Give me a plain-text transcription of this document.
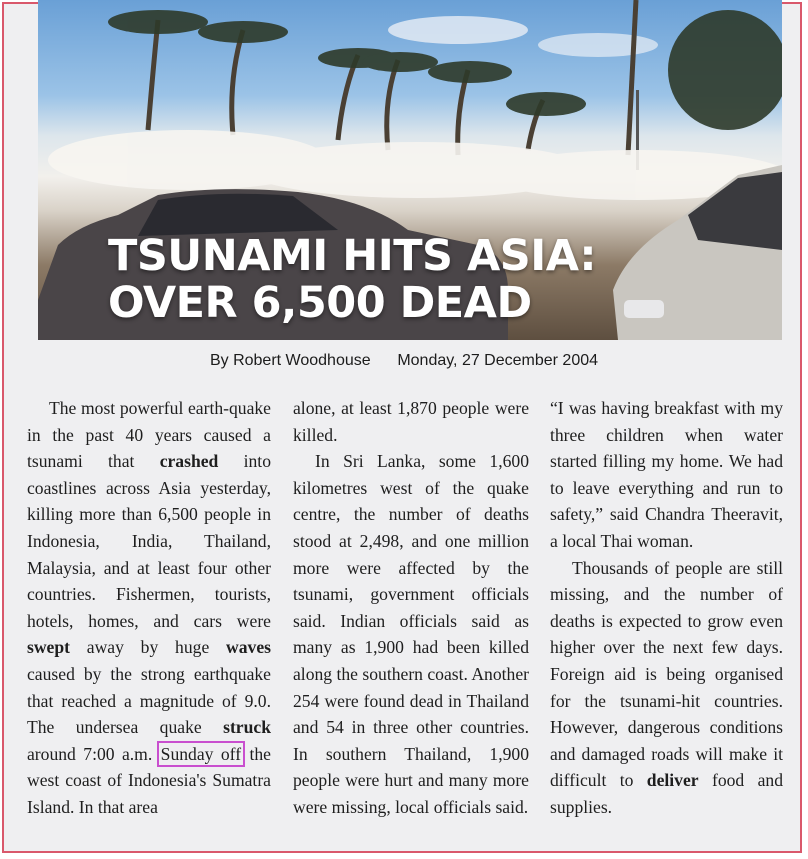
TSUNAMI HITS ASIA:
OVER 6,500 DEAD
By Robert Woodhouse Monday, 27 December 2004

The most powerful earth-quake in the past 40 years caused a tsunami that crashed into coastlines across Asia yesterday, killing more than 6,500 people in Indonesia, India, Thailand, Malaysia, and at least four other countries. Fishermen, tourists, hotels, homes, and cars were swept away by huge waves caused by the strong earthquake that reached a magnitude of 9.0. The undersea quake struck around 7:00 a.m. Sunday off the west coast of Indonesia's Sumatra Island. In that area

alone, at least 1,870 people were killed.

In Sri Lanka, some 1,600 kilometres west of the quake centre, the number of deaths stood at 2,498, and one million more were affected by the tsunami, government officials said. Indian officials said as many as 1,900 had been killed along the southern coast. Another 254 were found dead in Thailand and 54 in three other countries. In southern Thailand, 1,900 people were hurt and many more were missing, local officials said.

“I was having breakfast with my three children when water started filling my home. We had to leave everything and run to safety,” said Chandra Theeravit, a local Thai woman.

Thousands of people are still missing, and the number of deaths is expected to grow even higher over the next few days. Foreign aid is being organised for the tsunami-hit countries. However, dangerous conditions and damaged roads will make it difficult to deliver food and supplies.
